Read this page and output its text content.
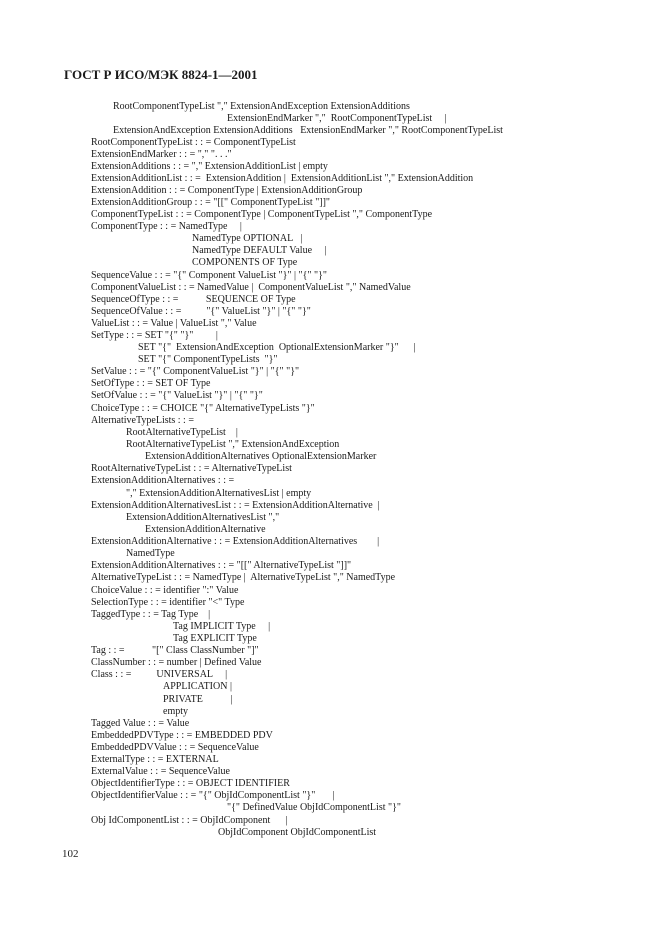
ГОСТ Р ИСО/МЭК 8824-1—2001
RootComponentTypeList "," ExtensionAndException ExtensionAdditions
ExtensionEndMarker ","  RootComponentTypeList     |
ExtensionAndException ExtensionAdditions   ExtensionEndMarker "," RootComponentTypeList
RootComponentTypeList : : = ComponentTypeList
ExtensionEndMarker : : = "," ". . ."
ExtensionAdditions : : = "," ExtensionAdditionList | empty
ExtensionAdditionList : : =  ExtensionAddition |  ExtensionAdditionList "," ExtensionAddition
ExtensionAddition : : = ComponentType | ExtensionAdditionGroup
ExtensionAdditionGroup : : = "[[" ComponentTypeList "]]"
ComponentTypeList : : = ComponentType | ComponentTypeList "," ComponentType
ComponentType : : = NamedType     |
NamedType OPTIONAL   |
NamedType DEFAULT Value     |
COMPONENTS OF Type
SequenceValue : : = "{" Component ValueList "}" | "{" "}"
ComponentValueList : : = NamedValue |  ComponentValueList "," NamedValue
SequenceOfType : : =           SEQUENCE OF Type
SequenceOfValue : : =          "{" ValueList "}" | "{" "}"
ValueList : : = Value | ValueList "," Value
SetType : : = SET "{" "}"         |
SET "{"  ExtensionAndException  OptionalExtensionMarker "}"      |
SET "{" ComponentTypeLists  "}"
SetValue : : = "{" ComponentValueList "}" | "{" "}"
SetOfType : : = SET OF Type
SetOfValue : : = "{" ValueList "}" | "{" "}"
ChoiceType : : = CHOICE "{" AlternativeTypeLists "}"
AlternativeTypeLists : : =
RootAlternativeTypeList    |
RootAlternativeTypeList "," ExtensionAndException
ExtensionAdditionAlternatives OptionalExtensionMarker
RootAlternativeTypeList : : = AlternativeTypeList
ExtensionAdditionAlternatives : : =
"," ExtensionAdditionAlternativesList | empty
ExtensionAdditionAlternativesList : : = ExtensionAdditionAlternative  |
ExtensionAdditionAlternativesList ","
ExtensionAdditionAlternative
ExtensionAdditionAlternative : : = ExtensionAdditionAlternatives        |
NamedType
ExtensionAdditionAlternatives : : = "[[" AlternativeTypeList "]]"
AlternativeTypeList : : = NamedType |  AlternativeTypeList "," NamedType
ChoiceValue : : = identifier ":" Value
SelectionType : : = identifier "<" Type
TaggedType : : = Tag Type    |
Tag IMPLICIT Type     |
Tag EXPLICIT Type
Tag : : =           "[" Class ClassNumber "]"
ClassNumber : : = number | Defined Value
Class : : =          UNIVERSAL     |
APPLICATION |
PRIVATE           |
empty
Tagged Value : : = Value
EmbeddedPDVType : : = EMBEDDED PDV
EmbeddedPDVValue : : = SequenceValue
ExternalType : : = EXTERNAL
ExternalValue : : = SequenceValue
ObjectIdentifierType : : = OBJECT IDENTIFIER
ObjectIdentifierValue : : = "{" ObjIdComponentList "}"       |
"{" DefinedValue ObjIdComponentList "}"
Obj IdComponentList : : = ObjIdComponent      |
ObjIdComponent ObjIdComponentList
102
